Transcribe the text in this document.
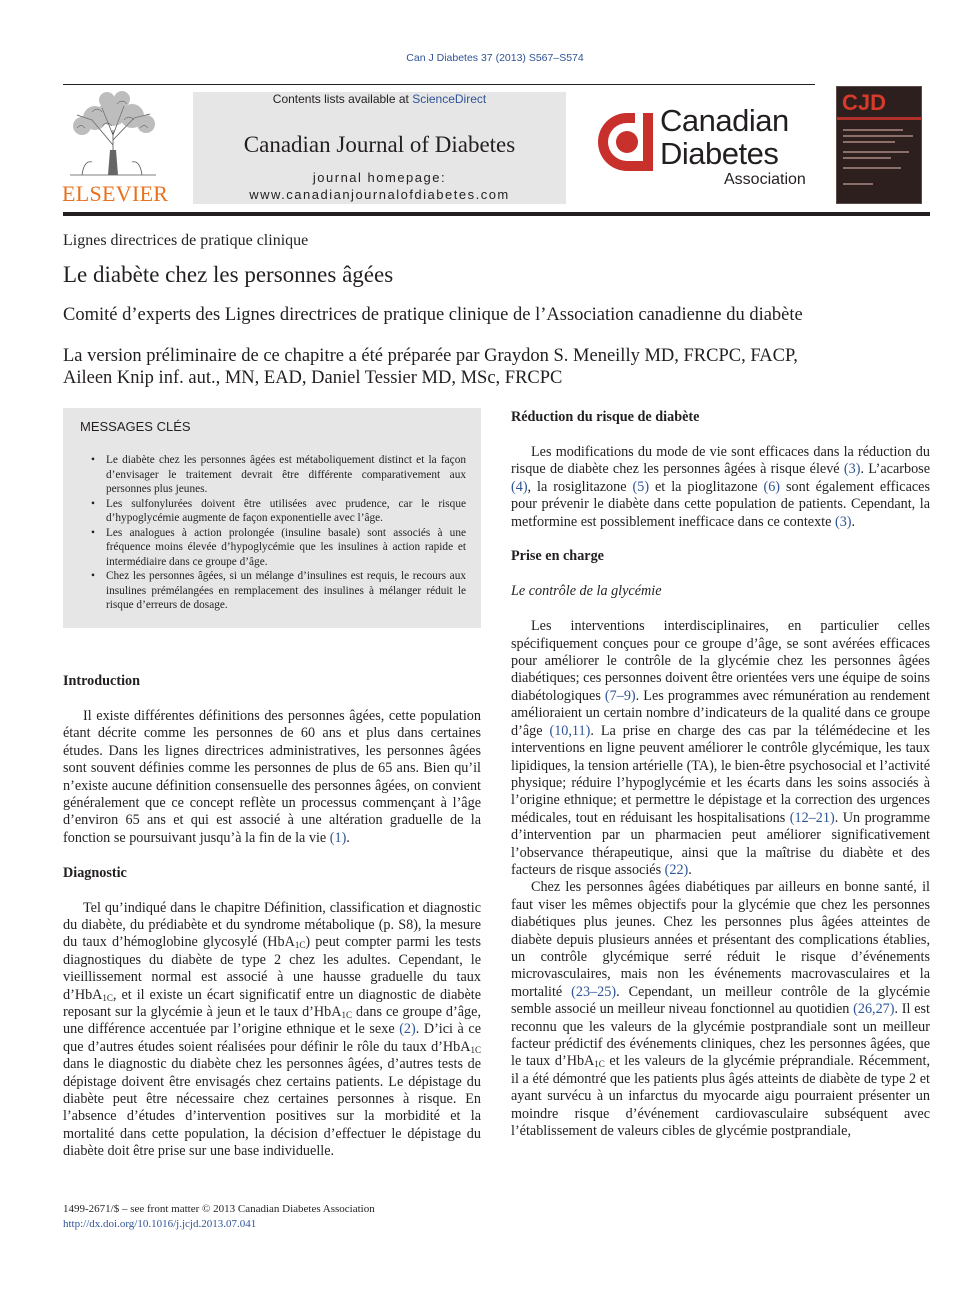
Can J Diabetes 37 (2013) S567–S574
ELSEVIER
Contents lists available at ScienceDirect
Canadian Journal of Diabetes
journal homepage:
www.canadianjournalofdiabetes.com
Canadian
Diabetes
Association
CJD
Lignes directrices de pratique clinique
Le diabète chez les personnes âgées
Comité d’experts des Lignes directrices de pratique clinique de l’Association canadienne du diabète
La version préliminaire de ce chapitre a été préparée par Graydon S. Meneilly MD, FRCPC, FACP,
Aileen Knip inf. aut., MN, EAD, Daniel Tessier MD, MSc, FRCPC
MESSAGES CLÉS
• Le diabète chez les personnes âgées est métaboliquement distinct et la façon d’envisager le traitement devrait être différente comparativement aux personnes plus jeunes.
• Les sulfonylurées doivent être utilisées avec prudence, car le risque d’hypoglycémie augmente de façon exponentielle avec l’âge.
• Les analogues à action prolongée (insuline basale) sont associés à une fréquence moins élevée d’hypoglycémie que les insulines à action rapide et intermédiaire dans ce groupe d’âge.
• Chez les personnes âgées, si un mélange d’insulines est requis, le recours aux insulines prémélangées en remplacement des insulines à mélanger réduit le risque d’erreurs de dosage.
Introduction

Il existe différentes définitions des personnes âgées, cette population étant décrite comme les personnes de 60 ans et plus dans certaines études. Dans les lignes directrices administratives, les personnes âgées sont souvent définies comme les personnes de plus de 65 ans. Bien qu’il n’existe aucune définition consensuelle des personnes âgées, on convient généralement que ce concept reflète un processus commençant à l’âge d’environ 65 ans et qui est associé à une altération graduelle de la fonction se poursuivant jusqu’à la fin de la vie (1).

Diagnostic

Tel qu’indiqué dans le chapitre Définition, classification et diagnostic du diabète, du prédiabète et du syndrome métabolique (p. S8), la mesure du taux d’hémoglobine glycosylé (HbA$_{1C}$) peut compter parmi les tests diagnostiques du diabète de type 2 chez les adultes. Cependant, le vieillissement normal est associé à une hausse graduelle du taux d’HbA$_{1C}$, et il existe un écart significatif entre un diagnostic de diabète reposant sur la glycémie à jeun et le taux d’HbA$_{1C}$ dans ce groupe d’âge, une différence accentuée par l’origine ethnique et le sexe (2). D’ici à ce que d’autres études soient réalisées pour définir le rôle du taux d’HbA$_{1C}$ dans le diagnostic du diabète chez les personnes âgées, d’autres tests de dépistage doivent être envisagés chez certains patients. Le dépistage du diabète peut être nécessaire chez certaines personnes à risque. En l’absence d’études d’intervention positives sur la morbidité et la mortalité dans cette population, la décision d’effectuer le dépistage du diabète doit être prise sur une base individuelle.

Réduction du risque de diabète

Les modifications du mode de vie sont efficaces dans la réduction du risque de diabète chez les personnes âgées à risque élevé (3). L’acarbose (4), la rosiglitazone (5) et la pioglitazone (6) sont également efficaces pour prévenir le diabète dans cette population de patients. Cependant, la metformine est possiblement inefficace dans ce contexte (3).

Prise en charge
Le contrôle de la glycémie

Les interventions interdisciplinaires, en particulier celles spécifiquement conçues pour ce groupe d’âge, se sont avérées efficaces pour améliorer le contrôle de la glycémie chez les personnes âgées diabétiques; ces personnes doivent être orientées vers une équipe de soins diabétologiques (7–9). Les programmes avec rémunération au rendement amélioraient un certain nombre d’indicateurs de la qualité dans ce groupe d’âge (10,11). La prise en charge des cas par la télémédecine et les interventions en ligne peuvent améliorer le contrôle glycémique, les taux lipidiques, la tension artérielle (TA), le bien-être psychosocial et l’activité physique; réduire l’hypoglycémie et les écarts dans les soins associés à l’origine ethnique; et permettre le dépistage et la correction des urgences médicales, tout en réduisant les hospitalisations (12–21). Un programme d’intervention par un pharmacien peut améliorer significativement l’observance thérapeutique, ainsi que la maîtrise du diabète et des facteurs de risque associés (22).

Chez les personnes âgées diabétiques par ailleurs en bonne santé, il faut viser les mêmes objectifs pour la glycémie que chez les personnes diabétiques plus jeunes. Chez les personnes plus âgées atteintes de diabète depuis plusieurs années et présentant des complications établies, un contrôle glycémique serré réduit le risque d’événements microvasculaires, mais non les événements macrovasculaires et la mortalité (23–25). Cependant, un meilleur contrôle de la glycémie semble associé un meilleur niveau fonctionnel au quotidien (26,27). Il est reconnu que les valeurs de la glycémie postprandiale sont un meilleur facteur prédictif des événements cliniques, chez les personnes âgées, que le taux d’HbA$_{1C}$ et les valeurs de la glycémie préprandiale. Récemment, il a été démontré que les patients plus âgés atteints de diabète de type 2 et ayant survécu à un infarctus du myocarde aigu pourraient présenter un moindre risque d’événement cardiovasculaire subséquent avec l’établissement de valeurs cibles de glycémie postprandiale,

1499-2671/$ – see front matter © 2013 Canadian Diabetes Association
http://dx.doi.org/10.1016/j.jcjd.2013.07.041
